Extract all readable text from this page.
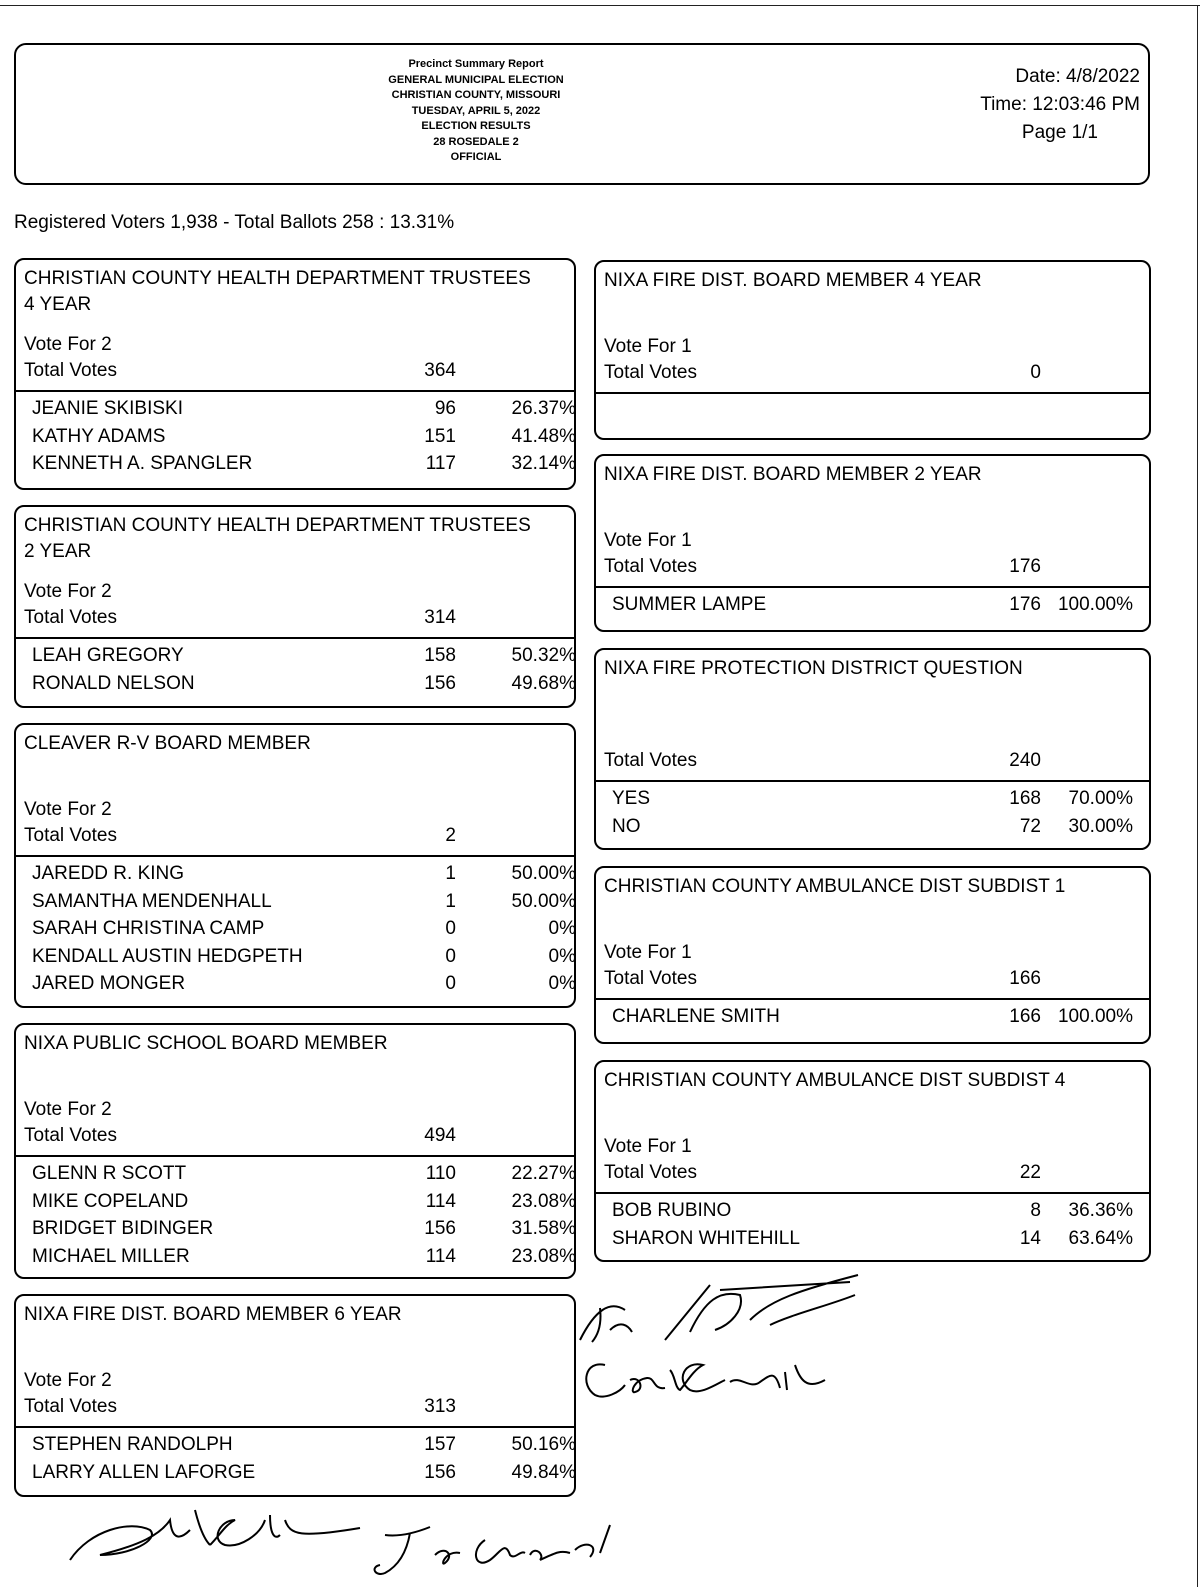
Precinct Summary Report
GENERAL MUNICIPAL ELECTION
CHRISTIAN COUNTY, MISSOURI
TUESDAY, APRIL 5, 2022
ELECTION RESULTS
28 ROSEDALE 2
OFFICIAL
Date: 4/8/2022
Time: 12:03:46 PM
Page 1/1
Registered Voters 1,938 - Total Ballots 258 : 13.31%
CHRISTIAN COUNTY HEALTH DEPARTMENT TRUSTEES
4 YEAR
Vote For 2
Total Votes	364
JEANIE SKIBISKI	96	26.37%
KATHY ADAMS	151	41.48%
KENNETH A. SPANGLER	117	32.14%
CHRISTIAN COUNTY HEALTH DEPARTMENT TRUSTEES
2 YEAR
Vote For 2
Total Votes	314
LEAH GREGORY	158	50.32%
RONALD NELSON	156	49.68%
CLEAVER R-V BOARD MEMBER
Vote For 2
Total Votes	2
JAREDD R. KING	1	50.00%
SAMANTHA MENDENHALL	1	50.00%
SARAH CHRISTINA CAMP	0	0%
KENDALL AUSTIN HEDGPETH	0	0%
JARED MONGER	0	0%
NIXA PUBLIC SCHOOL BOARD MEMBER
Vote For 2
Total Votes	494
GLENN R SCOTT	110	22.27%
MIKE COPELAND	114	23.08%
BRIDGET BIDINGER	156	31.58%
MICHAEL MILLER	114	23.08%
NIXA FIRE DIST. BOARD MEMBER 6 YEAR
Vote For 2
Total Votes	313
STEPHEN RANDOLPH	157	50.16%
LARRY ALLEN LAFORGE	156	49.84%
NIXA FIRE DIST. BOARD MEMBER 4 YEAR
Vote For 1
Total Votes	0
NIXA FIRE DIST. BOARD MEMBER 2 YEAR
Vote For 1
Total Votes	176
SUMMER LAMPE	176 100.00%
NIXA FIRE PROTECTION DISTRICT QUESTION
Total Votes	240
YES	168	70.00%
NO	72	30.00%
CHRISTIAN COUNTY AMBULANCE DIST SUBDIST 1
Vote For 1
Total Votes	166
CHARLENE SMITH	166 100.00%
CHRISTIAN COUNTY AMBULANCE DIST SUBDIST 4
Vote For 1
Total Votes	22
BOB RUBINO	8	36.36%
SHARON WHITEHILL	14	63.64%
